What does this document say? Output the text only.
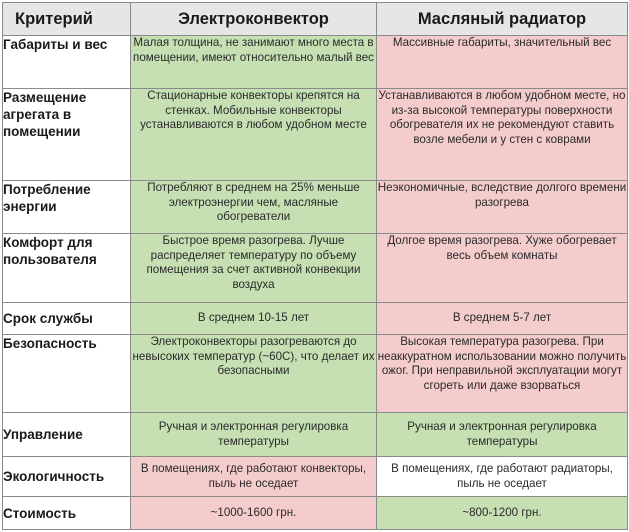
Критерий	Электроконвектор	Масляный радиатор
Габариты и вес	Малая толщина, не занимают много места в помещении, имеют относительно малый вес	Массивные габариты, значительный вес
Размещение агрегата в помещении	Стационарные конвекторы крепятся на стенках. Мобильные конвекторы устанавливаются в любом удобном месте	Устанавливаются в любом удобном месте, но из-за высокой температуры поверхности обогревателя их не рекомендуют ставить возле мебели и у стен с коврами
Потребление энергии	Потребляют в среднем на 25% меньше электроэнергии чем, масляные обогреватели	Неэкономичные, вследствие долгого времени разогрева
Комфорт для пользователя	Быстрое время разогрева. Лучше распределяет температуру по объему помещения за счет активной конвекции воздуха	Долгое время разогрева. Хуже обогревает весь объем комнаты
Срок службы	В среднем 10-15 лет	В среднем 5-7 лет
Безопасность	Электроконвекторы разогреваются до невысоких температур (~60С), что делает их безопасными	Высокая температура разогрева. При неаккуратном использовании можно получить ожог. При неправильной эксплуатации могут сгореть или даже взорваться
Управление	Ручная и электронная регулировка температуры	Ручная и электронная регулировка температуры
Экологичность	В помещениях, где работают конвекторы, пыль не оседает	В помещениях, где работают радиаторы, пыль не оседает
Стоимость	~1000-1600 грн.	~800-1200 грн.
